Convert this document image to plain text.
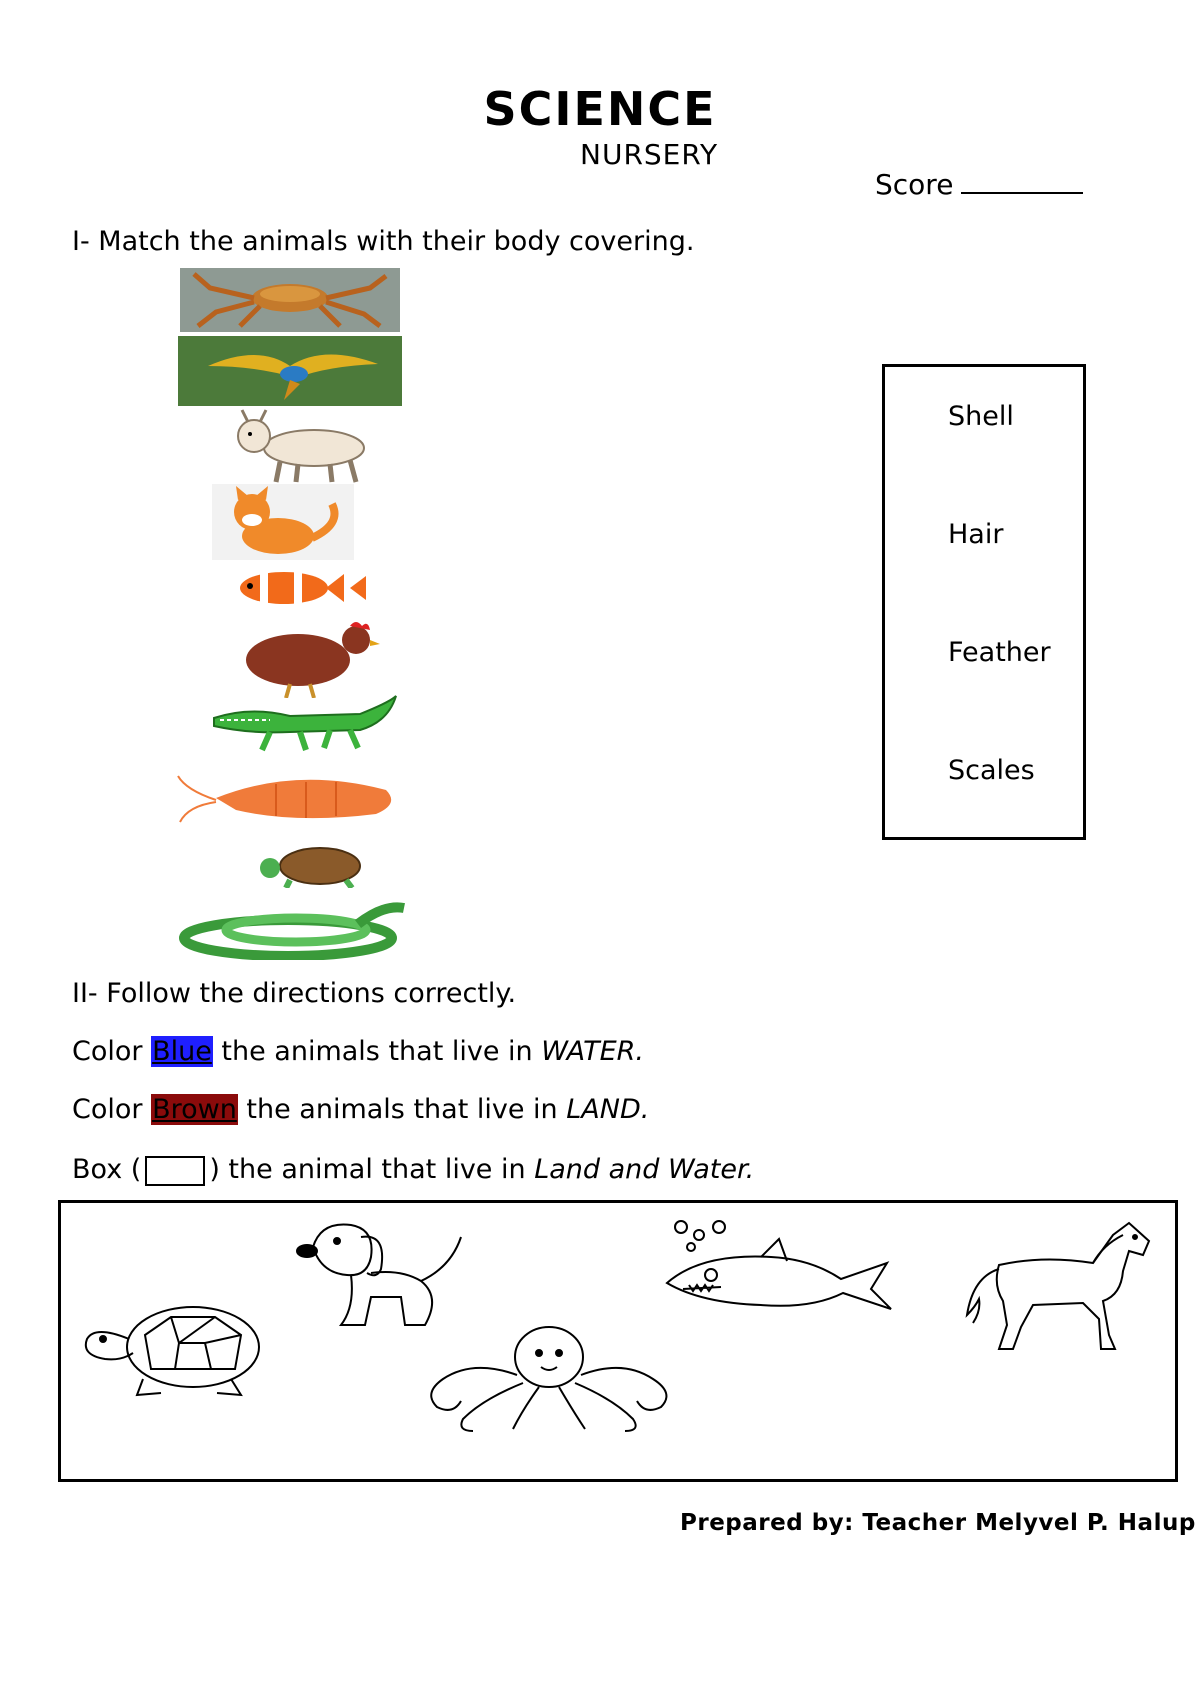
SCIENCE
NURSERY
Score
I- Match the animals with their body covering.
Shell
Hair
Feather
Scales
II- Follow the directions correctly.
Color Blue the animals that live in WATER.
Color Brown the animals that live in LAND.
Box (	) the animal that live in Land and Water.
Prepared by: Teacher Melyvel P. Halup
